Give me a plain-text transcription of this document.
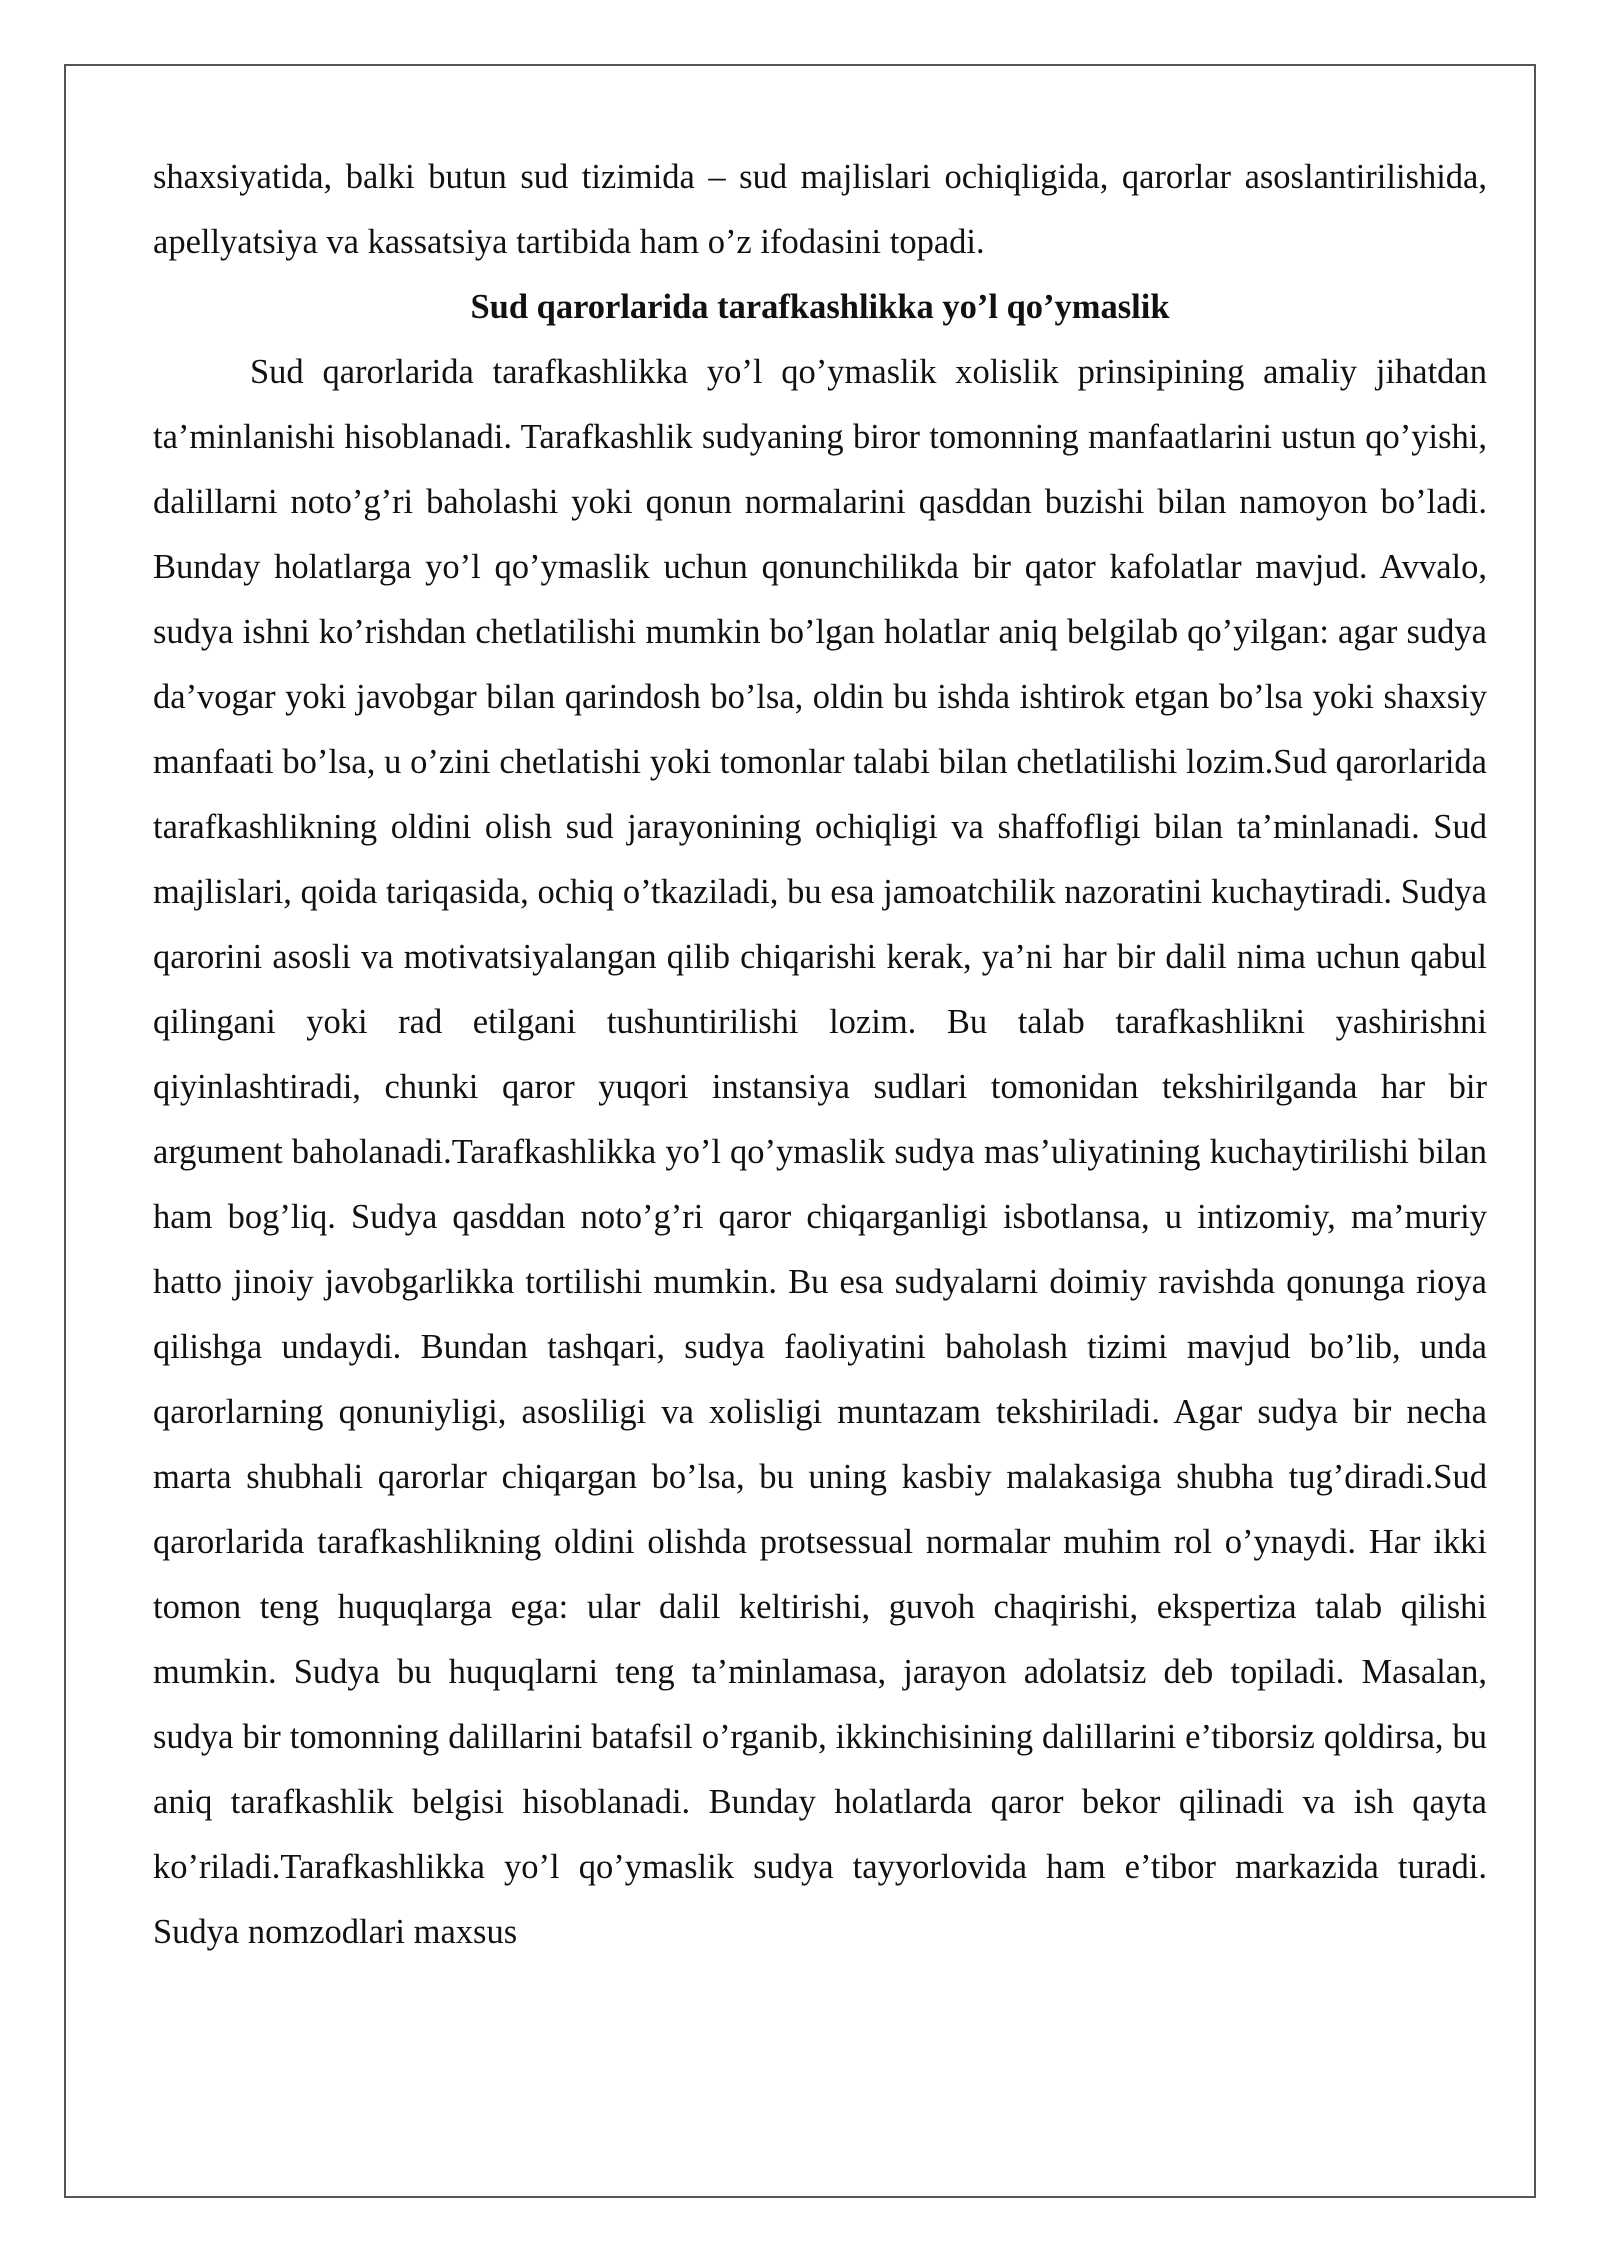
shaxsiyatida, balki butun sud tizimida – sud majlislari ochiqligida, qarorlar asoslantirilishida, apellyatsiya va kassatsiya tartibida ham o’z ifodasini topadi.

Sud qarorlarida tarafkashlikka yo’l qo’ymaslik

Sud qarorlarida tarafkashlikka yo’l qo’ymaslik xolislik prinsipining amaliy jihatdan ta’minlanishi hisoblanadi. Tarafkashlik sudyaning biror tomonning manfaatlarini ustun qo’yishi, dalillarni noto’g’ri baholashi yoki qonun normalarini qasddan buzishi bilan namoyon bo’ladi. Bunday holatlarga yo’l qo’ymaslik uchun qonunchilikda bir qator kafolatlar mavjud. Avvalo, sudya ishni ko’rishdan chetlatilishi mumkin bo’lgan holatlar aniq belgilab qo’yilgan: agar sudya da’vogar yoki javobgar bilan qarindosh bo’lsa, oldin bu ishda ishtirok etgan bo’lsa yoki shaxsiy manfaati bo’lsa, u o’zini chetlatishi yoki tomonlar talabi bilan chetlatilishi lozim.Sud qarorlarida tarafkashlikning oldini olish sud jarayonining ochiqligi va shaffofligi bilan ta’minlanadi. Sud majlislari, qoida tariqasida, ochiq o’tkaziladi, bu esa jamoatchilik nazoratini kuchaytiradi. Sudya qarorini asosli va motivatsiyalangan qilib chiqarishi kerak, ya’ni har bir dalil nima uchun qabul qilingani yoki rad etilgani tushuntirilishi lozim. Bu talab tarafkashlikni yashirishni qiyinlashtiradi, chunki qaror yuqori instansiya sudlari tomonidan tekshirilganda har bir argument baholanadi.Tarafkashlikka yo’l qo’ymaslik sudya mas’uliyatining kuchaytirilishi bilan ham bog’liq. Sudya qasddan noto’g’ri qaror chiqarganligi isbotlansa, u intizomiy, ma’muriy hatto jinoiy javobgarlikka tortilishi mumkin. Bu esa sudyalarni doimiy ravishda qonunga rioya qilishga undaydi. Bundan tashqari, sudya faoliyatini baholash tizimi mavjud bo’lib, unda qarorlarning qonuniyligi, asosliligi va xolisligi muntazam tekshiriladi. Agar sudya bir necha marta shubhali qarorlar chiqargan bo’lsa, bu uning kasbiy malakasiga shubha tug’diradi.Sud qarorlarida tarafkashlikning oldini olishda protsessual normalar muhim rol o’ynaydi. Har ikki tomon teng huquqlarga ega: ular dalil keltirishi, guvoh chaqirishi, ekspertiza talab qilishi mumkin. Sudya bu huquqlarni teng ta’minlamasa, jarayon adolatsiz deb topiladi. Masalan, sudya bir tomonning dalillarini batafsil o’rganib, ikkinchisining dalillarini e’tiborsiz qoldirsa, bu aniq tarafkashlik belgisi hisoblanadi. Bunday holatlarda qaror bekor qilinadi va ish qayta ko’riladi.Tarafkashlikka yo’l qo’ymaslik sudya tayyorlovida ham e’tibor markazida turadi. Sudya nomzodlari maxsus
